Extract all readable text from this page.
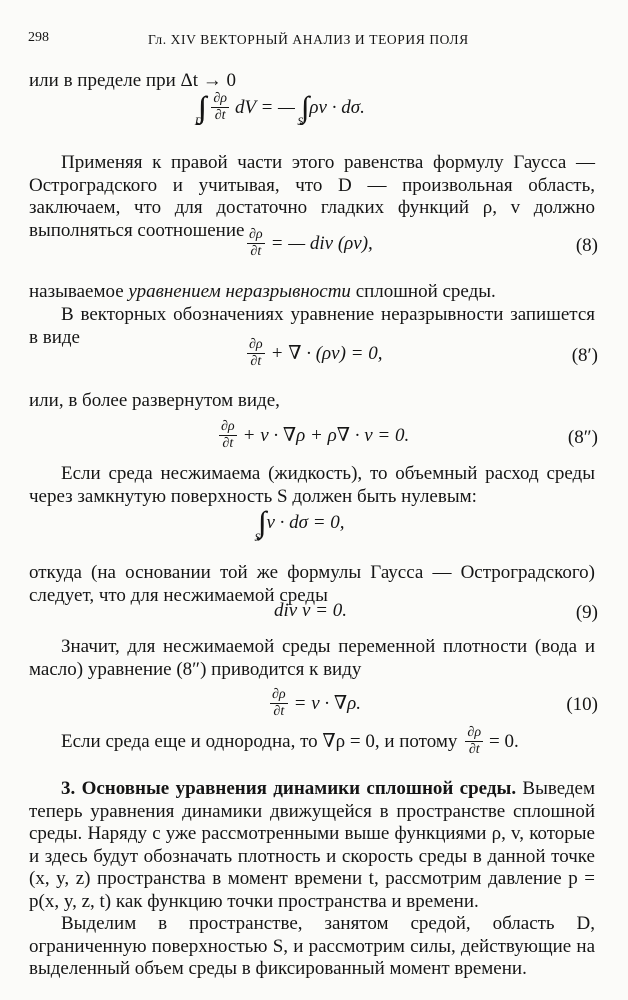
298	Гл. XIV ВЕКТОРНЫЙ АНАЛИЗ И ТЕОРИЯ ПОЛЯ
или в пределе при Δt → 0
∫∫∫
D $\frac{\partial\rho}{\partial t}$ dV = — ∫∫
S
ρv · dσ.
Применяя к правой части этого равенства формулу Гаусса — Остроградского и учитывая, что D — произвольная область, заключаем, что для достаточно гладких функций ρ, v должно выполняться соотношение $\frac{\partial\rho}{\partial t}$ = — div (ρv),	(8)
называемое уравнением неразрывности сплошной среды.
В векторных обозначениях уравнение неразрывности запишется в виде
$\frac{\partial\rho}{\partial t}$ + ∇ · (ρv) = 0,	(8′)
или, в более развернутом виде,
$\frac{\partial\rho}{\partial t} + v \cdot \nabla\rho + \rho\nabla \cdot v = 0$.	(8″)
Если среда несжимаема (жидкость), то объемный расход среды через замкнутую поверхность S должен быть нулевым:
∫∫
S
v · dσ = 0,
откуда (на основании той же формулы Гаусса — Остроградского) следует, что для несжимаемой среды
div v = 0.	(9)
Значит, для несжимаемой среды переменной плотности (вода и масло) уравнение (8″) приводится к виду
$\frac{\partial\rho}{\partial t} = v \cdot \nabla\rho$.	(10)
Если среда еще и однородна, то ∇ρ = 0, и потому $\frac{\partial\rho}{\partial t} = 0$.
3. Основные уравнения динамики сплошной среды. Выведем теперь уравнения динамики движущейся в пространстве сплошной среды. Наряду с уже рассмотренными выше функциями ρ, v, которые и здесь будут обозначать плотность и скорость среды в данной точке (x, y, z) пространства в момент времени t, рассмотрим давление p = p(x, y, z, t) как функцию точки пространства и времени.
Выделим в пространстве, занятом средой, область D, ограниченную поверхностью S, и рассмотрим силы, действующие на выделенный объем среды в фиксированный момент времени.
